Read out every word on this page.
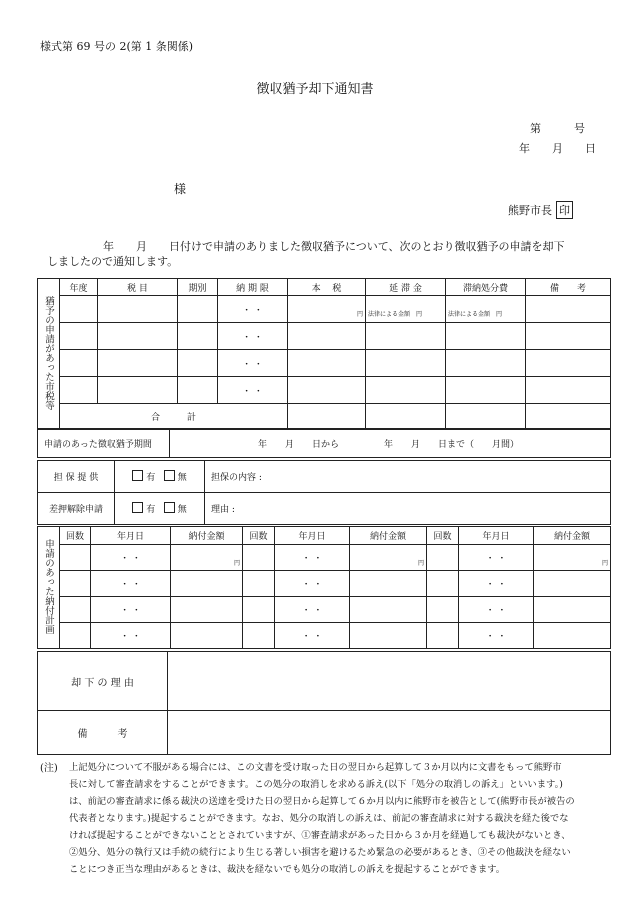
様式第 69 号の 2(第 1 条関係)
徴収猶予却下通知書
第　　　号
年　　月　　日
様
熊野市長 印
年　　月　　日付けで申請のありました徴収猶予について、次のとおり徴収猶予の申請を却下
しましたので通知します。
猶予の申請があった市税等	年度	税 目	期別	納 期 限	本　 税	延 滞 金	滞納処分費	備　　考
				・ ・	円	法律による金額　円	法律による金額　円	

				・ ・				
				・ ・				
				・ ・				
	合　　　計							
申請のあった徴収猶予期間	年　　月　　日から　　　　　年　　月　　日まで（　　月間）
担 保 提 供	有 無	担保の内容 :
差押解除申請	有 無	理由 :
申請のあった納付計画	回数	年月日	納付金額	回数	年月日	納付金額	回数	年月日	納付金額
		・ ・	円		・ ・	円		・ ・	円

		・ ・			・ ・			・ ・	
		・ ・			・ ・			・ ・	
		・ ・			・ ・			・ ・	
却 下 の 理 由	
備　　　考	
(注) 上記処分について不服がある場合には、この文書を受け取った日の翌日から起算して３か月以内に文書をもって熊野市
長に対して審査請求をすることができます。この処分の取消しを求める訴え(以下「処分の取消しの訴え」といいます。)
は、前記の審査請求に係る裁決の送達を受けた日の翌日から起算して６か月以内に熊野市を被告として(熊野市長が被告の
代表者となります。)提起することができます。なお、処分の取消しの訴えは、前記の審査請求に対する裁決を経た後でな
ければ提起することができないこととされていますが、①審査請求があった日から３か月を経過しても裁決がないとき、
②処分、処分の執行又は手続の続行により生じる著しい損害を避けるため緊急の必要があるとき、③その他裁決を経ない
ことにつき正当な理由があるときは、裁決を経ないでも処分の取消しの訴えを提起することができます。
